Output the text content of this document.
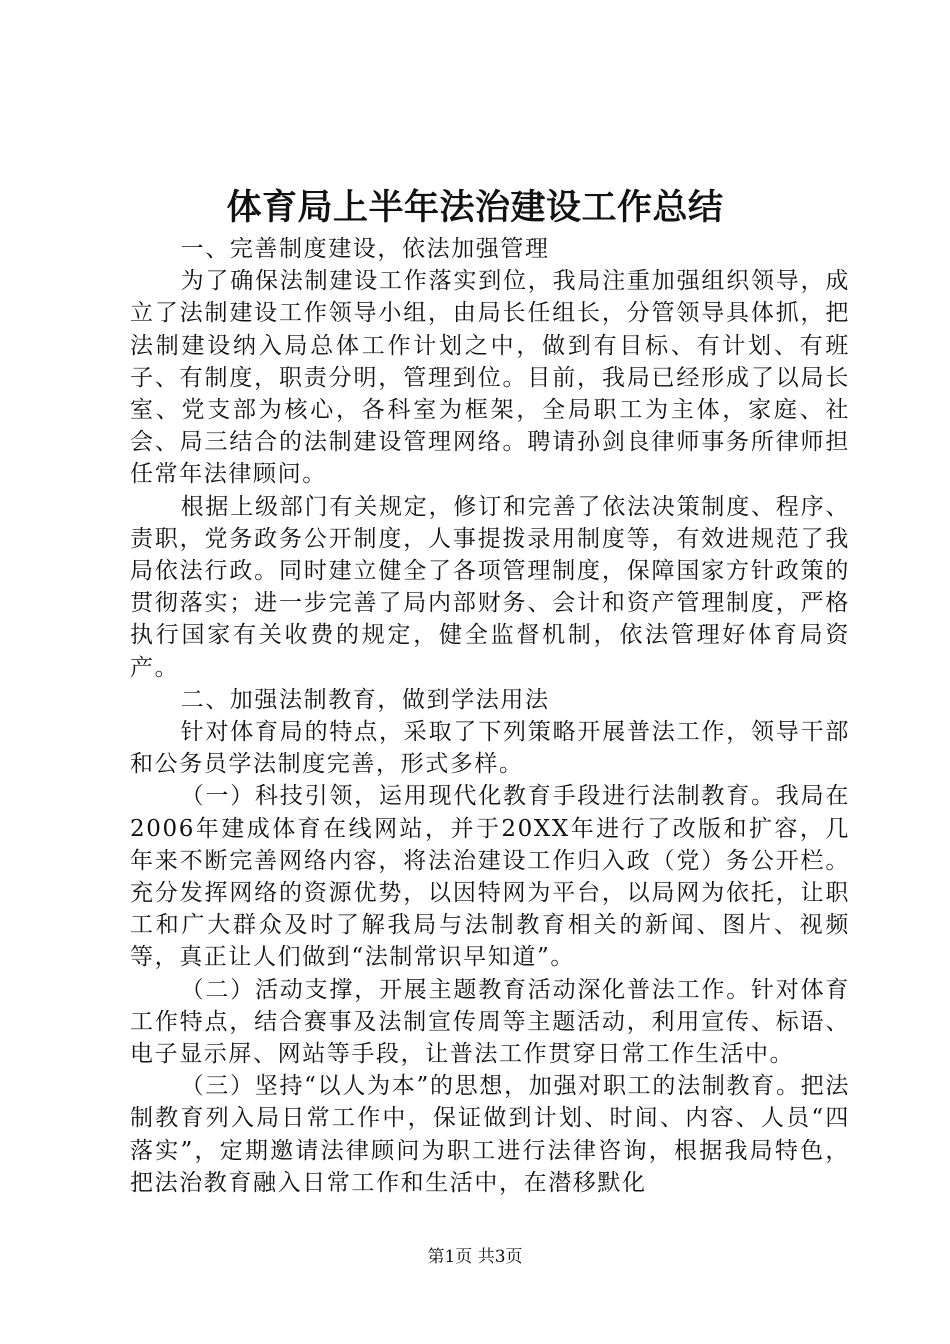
体育局上半年法治建设工作总结

一、完善制度建设，依法加强管理

为了确保法制建设工作落实到位，我局注重加强组织领导，成立了法制建设工作领导小组，由局长任组长，分管领导具体抓，把法制建设纳入局总体工作计划之中，做到有目标、有计划、有班子、有制度，职责分明，管理到位。目前，我局已经形成了以局长室、党支部为核心，各科室为框架，全局职工为主体，家庭、社会、局三结合的法制建设管理网络。聘请孙剑良律师事务所律师担任常年法律顾问。

根据上级部门有关规定，修订和完善了依法决策制度、程序、责职，党务政务公开制度，人事提拨录用制度等，有效进规范了我局依法行政。同时建立健全了各项管理制度，保障国家方针政策的贯彻落实；进一步完善了局内部财务、会计和资产管理制度，严格执行国家有关收费的规定，健全监督机制，依法管理好体育局资产。

二、加强法制教育，做到学法用法

针对体育局的特点，采取了下列策略开展普法工作，领导干部和公务员学法制度完善，形式多样。

（一）科技引领，运用现代化教育手段进行法制教育。我局在2006年建成体育在线网站，并于20XX年进行了改版和扩容，几年来不断完善网络内容，将法治建设工作归入政（党）务公开栏。充分发挥网络的资源优势，以因特网为平台，以局网为依托，让职工和广大群众及时了解我局与法制教育相关的新闻、图片、视频等，真正让人们做到“法制常识早知道”。

（二）活动支撑，开展主题教育活动深化普法工作。针对体育工作特点，结合赛事及法制宣传周等主题活动，利用宣传、标语、电子显示屏、网站等手段，让普法工作贯穿日常工作生活中。

（三）坚持“以人为本”的思想，加强对职工的法制教育。把法制教育列入局日常工作中，保证做到计划、时间、内容、人员“四落实”，定期邀请法律顾问为职工进行法律咨询，根据我局特色，把法治教育融入日常工作和生活中，在潜移默化

第1页 共3页
